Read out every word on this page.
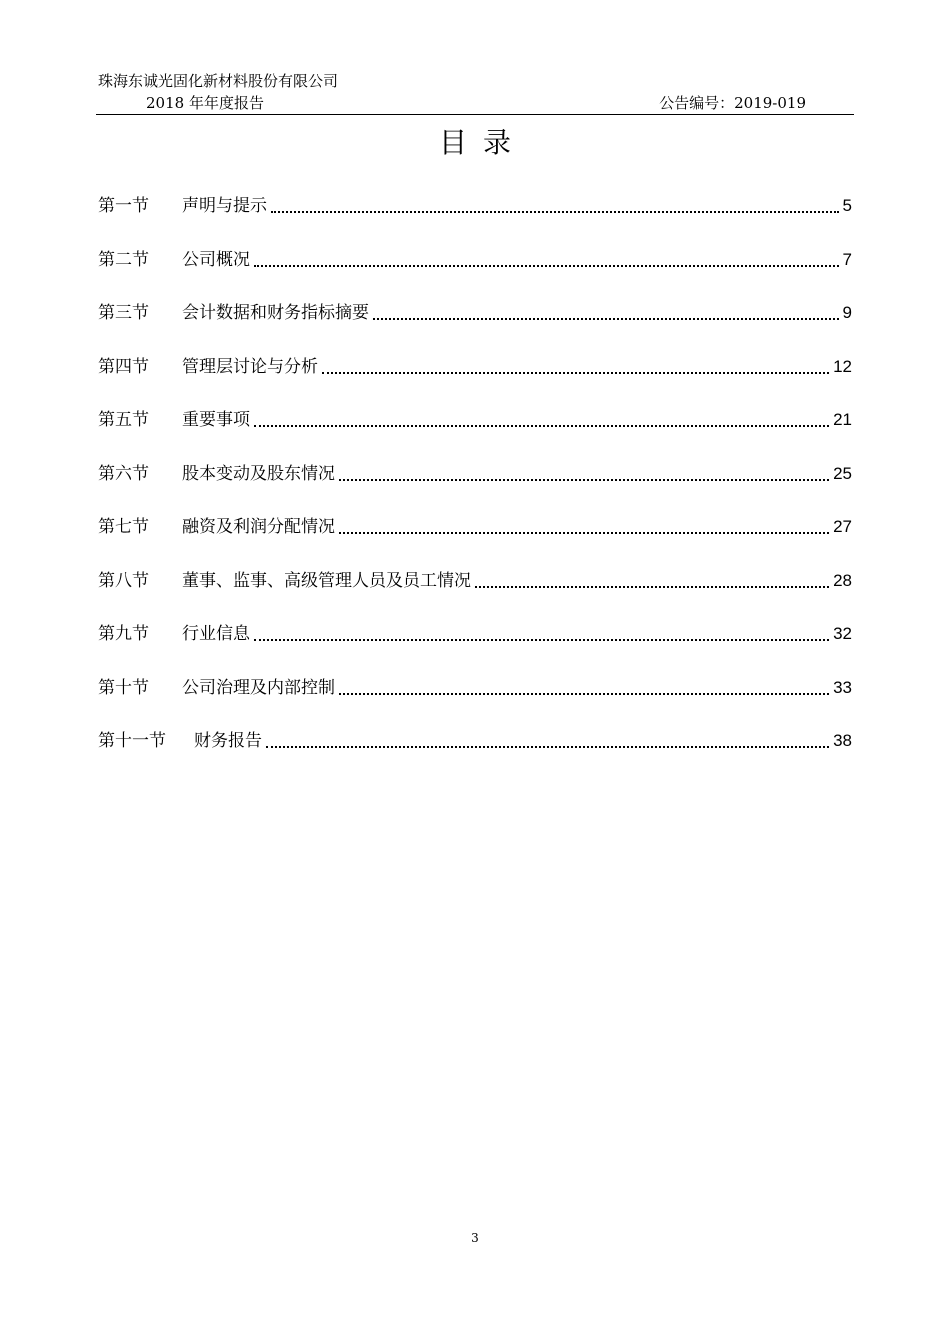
珠海东诚光固化新材料股份有限公司
2018 年年度报告	公告编号：2019-019
目录
第一节	声明与提示	5
第二节	公司概况	7
第三节	会计数据和财务指标摘要	9
第四节	管理层讨论与分析	12
第五节	重要事项	21
第六节	股本变动及股东情况	25
第七节	融资及利润分配情况	27
第八节	董事、监事、高级管理人员及员工情况	28
第九节	行业信息	32
第十节	公司治理及内部控制	33
第十一节	财务报告	38
3
